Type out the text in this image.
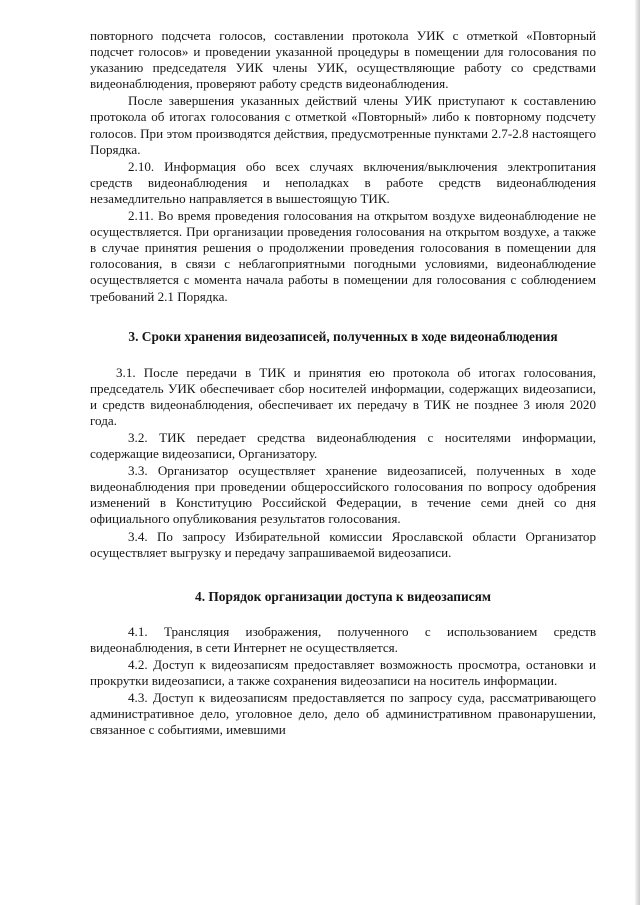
повторного подсчета голосов, составлении протокола УИК с отметкой «Повторный подсчет голосов» и проведении указанной процедуры в помещении для голосования по указанию председателя УИК члены УИК, осуществляющие работу со средствами видеонаблюдения, проверяют работу средств видеонаблюдения.

После завершения указанных действий члены УИК приступают к составлению протокола об итогах голосования с отметкой «Повторный» либо к повторному подсчету голосов. При этом производятся действия, предусмотренные пунктами 2.7-2.8 настоящего Порядка.

2.10. Информация обо всех случаях включения/выключения электропитания средств видеонаблюдения и неполадках в работе средств видеонаблюдения незамедлительно направляется в вышестоящую ТИК.

2.11. Во время проведения голосования на открытом воздухе видеонаблюдение не осуществляется. При организации проведения голосования на открытом воздухе, а также в случае принятия решения о продолжении проведения голосования в помещении для голосования, в связи с неблагоприятными погодными условиями, видеонаблюдение осуществляется с момента начала работы в помещении для голосования с соблюдением требований 2.1 Порядка.

3. Сроки хранения видеозаписей, полученных в ходе видеонаблюдения

3.1. После передачи в ТИК и принятия ею протокола об итогах голосования, председатель УИК обеспечивает сбор носителей информации, содержащих видеозаписи, и средств видеонаблюдения, обеспечивает их передачу в ТИК не позднее 3 июля 2020 года.

3.2. ТИК передает средства видеонаблюдения с носителями информации, содержащие видеозаписи, Организатору.

3.3. Организатор осуществляет хранение видеозаписей, полученных в ходе видеонаблюдения при проведении общероссийского голосования по вопросу одобрения изменений в Конституцию Российской Федерации, в течение семи дней со дня официального опубликования результатов голосования.

3.4. По запросу Избирательной комиссии Ярославской области Организатор осуществляет выгрузку и передачу запрашиваемой видеозаписи.

4. Порядок организации доступа к видеозаписям

4.1. Трансляция изображения, полученного с использованием средств видеонаблюдения, в сети Интернет не осуществляется.

4.2. Доступ к видеозаписям предоставляет возможность просмотра, остановки и прокрутки видеозаписи, а также сохранения видеозаписи на носитель информации.

4.3. Доступ к видеозаписям предоставляется по запросу суда, рассматривающего административное дело, уголовное дело, дело об административном правонарушении, связанное с событиями, имевшими
